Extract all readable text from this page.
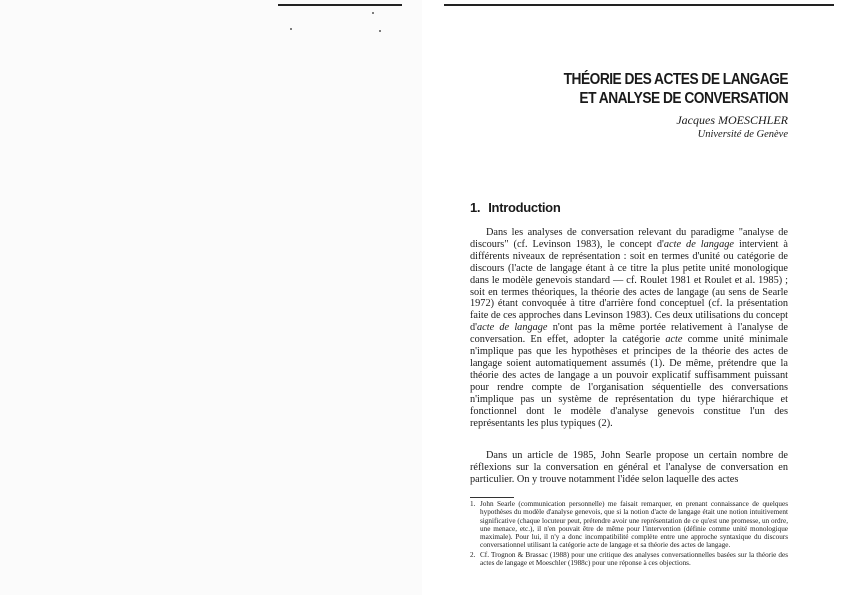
THÉORIE DES ACTES DE LANGAGE
ET ANALYSE DE CONVERSATION
Jacques MOESCHLER
Université de Genève
1. Introduction

Dans les analyses de conversation relevant du paradigme "analyse de discours" (cf. Levinson 1983), le concept d'acte de langage intervient à différents niveaux de représentation : soit en termes d'unité ou catégorie de discours (l'acte de langage étant à ce titre la plus petite unité monologique dans le modèle genevois standard — cf. Roulet 1981 et Roulet et al. 1985) ; soit en termes théoriques, la théorie des actes de langage (au sens de Searle 1972) étant convoquée à titre d'arrière fond conceptuel (cf. la présentation faite de ces approches dans Levinson 1983). Ces deux utilisations du concept d'acte de langage n'ont pas la même portée relativement à l'analyse de conversation. En effet, adopter la catégorie acte comme unité minimale n'implique pas que les hypothèses et principes de la théorie des actes de langage soient automatiquement assumés (1). De même, prétendre que la théorie des actes de langage a un pouvoir explicatif suffisamment puissant pour rendre compte de l'organisation séquentielle des conversations n'implique pas un système de représentation du type hiérarchique et fonctionnel dont le modèle d'analyse genevois constitue l'un des représentants les plus typiques (2).

Dans un article de 1985, John Searle propose un certain nombre de réflexions sur la conversation en général et l'analyse de conversation en particulier. On y trouve notamment l'idée selon laquelle des actes

1. John Searle (communication personnelle) me faisait remarquer, en prenant connaissance de quelques hypothèses du modèle d'analyse genevois, que si la notion d'acte de langage était une notion intuitivement significative (chaque locuteur peut, prétendre avoir une représentation de ce qu'est une promesse, un ordre, une menace, etc.), il n'en pouvait être de même pour l'intervention (définie comme unité monologique maximale). Pour lui, il n'y a donc incompatibilité complète entre une approche syntaxique du discours conversationnel utilisant la catégorie acte de langage et sa théorie des actes de langage.
2. Cf. Trognon & Brassac (1988) pour une critique des analyses conversationnelles basées sur la théorie des actes de langage et Moeschler (1988c) pour une réponse à ces objections.
